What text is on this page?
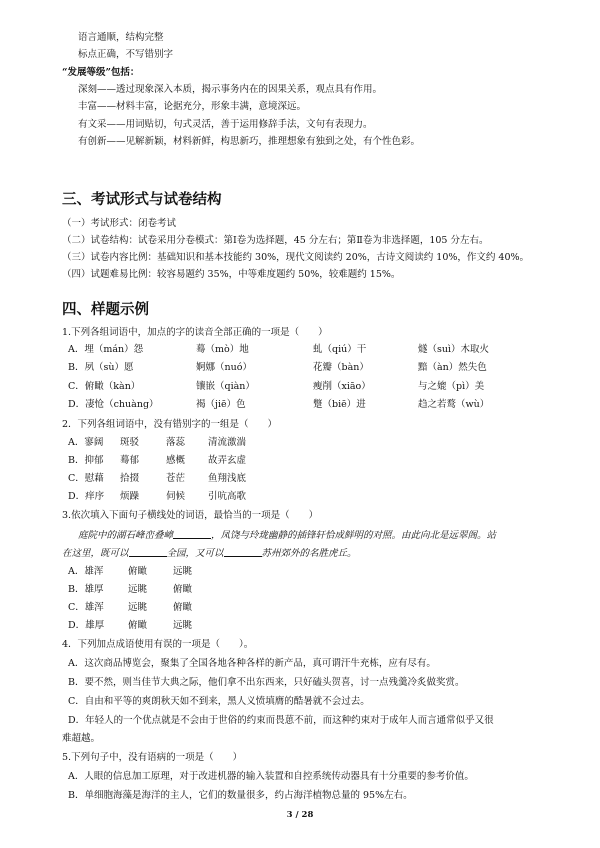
语言通顺，结构完整
标点正确，不写错别字
“发展等级”包括：
深刻——透过现象深入本质，揭示事务内在的因果关系，观点具有作用。
丰富——材料丰富，论据充分，形象丰满，意境深远。
有文采——用词贴切，句式灵活，善于运用修辞手法，文句有表现力。
有创新——见解新颖，材料新鲜，构思新巧，推理想象有独到之处，有个性色彩。
三、考试形式与试卷结构
（一）考试形式：闭卷考试
（二）试卷结构：试卷采用分卷模式：第Ⅰ卷为选择题，45 分左右；第Ⅱ卷为非选择题，105 分左右。
（三）试卷内容比例：基础知识和基本技能约 30%，现代文阅读约 20%，古诗文阅读约 10%，作文约 40%。
（四）试题难易比例：较容易题约 35%，中等难度题约 50%，较难题约 15%。
四、样题示例
1.下列各组词语中，加点的字的读音全部正确的一项是（　　）
A．埋（mán）怨	蓦（mò）地	虬（qiú）干	燧（suì）木取火
B．夙（sù）愿	婀娜（nuó）	花瓣（bàn）	黯（àn）然失色
C．俯瞰（kàn）	镶嵌（qiàn）	瘦削（xiāo）	与之媲（pì）美
D．凄怆（chuàng）	褐（jiē）色	蹩（biē）进	趋之若鹜（wù）
2．下列各组词语中，没有错别字的一组是（　　）
A．寥阔 斑驳	落蕊 清流激湍
B．抑郁 蓦郁	感概 故弄玄虚
C．慰藉 拾掇	苍茫 鱼翔浅底
D．痒序 烦躁	伺候 引吭高歌
3.依次填入下面句子横线处的词语，最恰当的一项是（　　）
庭院中的湖石峰峦叠嶂	，凤饶与玲珑幽静的插锋轩恰成鲜明的对照。由此向北是远翠阁。站
在这里，既可以	全园，又可以	苏州郊外的名胜虎丘。
A．雄浑	俯瞰	远眺
B．雄厚	远眺	俯瞰
C．雄浑	远眺	俯瞰
D．雄厚	俯瞰	远眺
4．下列加点成语使用有误的一项是（　　）。
A．这次商品博览会，聚集了全国各地各种各样的新产品，真可谓汗牛充栋，应有尽有。
B．要不然，则当佳节大典之际，他们拿不出东西来，只好磕头贺喜，讨一点残羹冷炙做奖赏。
C．自由和平等的爽朗秋天如不到来，黑人义愤填膺的酷暑就不会过去。
D．年轻人的一个优点就是不会由于世俗的约束而畏葸不前，而这种约束对于成年人而言通常似乎又很
难超越。
5.下列句子中，没有语病的一项是（　　）
A．人眼的信息加工原理，对于改进机器的输入装置和自控系统传动器具有十分重要的参考价值。
B．单细胞海藻是海洋的主人，它们的数量很多，约占海洋植物总量的 95%左右。
3 / 28
